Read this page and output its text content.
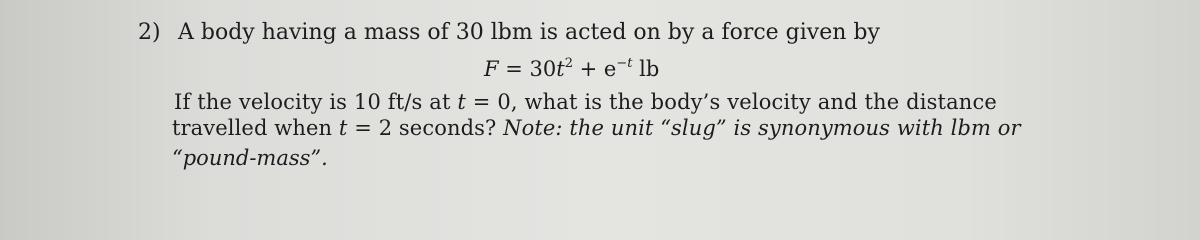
2) A body having a mass of 30 lbm is acted on by a force given by
$F = 30t^2 + e^{-t}$ lb
If the velocity is 10 ft/s at t = 0, what is the body’s velocity and the distance
travelled when t = 2 seconds? Note: the unit “slug” is synonymous with lbm or
“pound-mass”.
